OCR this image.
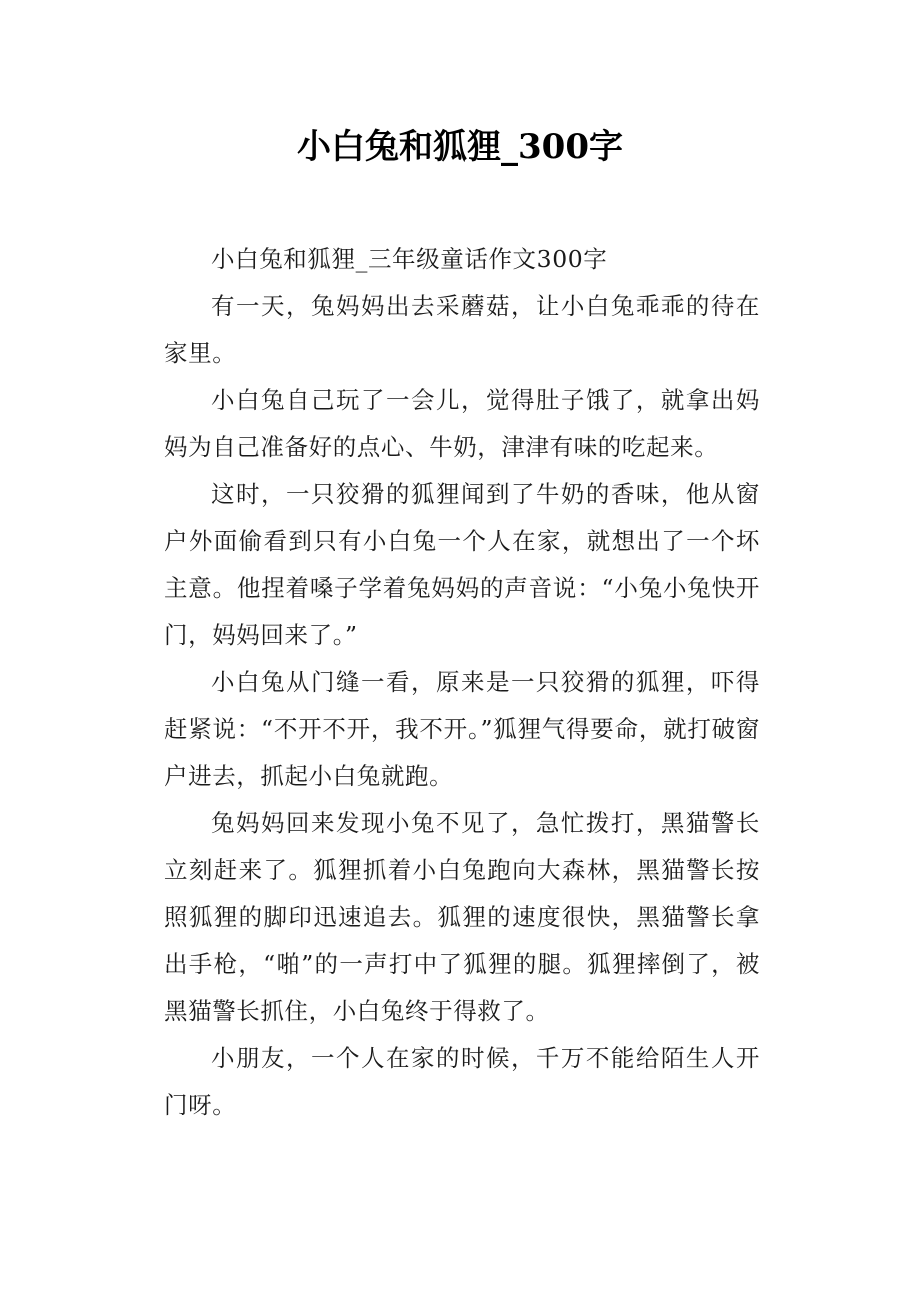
小白兔和狐狸_300字

小白兔和狐狸_三年级童话作文300字

有一天，兔妈妈出去采蘑菇，让小白兔乖乖的待在家里。

小白兔自己玩了一会儿，觉得肚子饿了，就拿出妈妈为自己准备好的点心、牛奶，津津有味的吃起来。

这时，一只狡猾的狐狸闻到了牛奶的香味，他从窗户外面偷看到只有小白兔一个人在家，就想出了一个坏主意。他捏着嗓子学着兔妈妈的声音说：“小兔小兔快开门，妈妈回来了。”

小白兔从门缝一看，原来是一只狡猾的狐狸，吓得赶紧说：“不开不开，我不开。”狐狸气得要命，就打破窗户进去，抓起小白兔就跑。

兔妈妈回来发现小兔不见了，急忙拨打，黑猫警长立刻赶来了。狐狸抓着小白兔跑向大森林，黑猫警长按照狐狸的脚印迅速追去。狐狸的速度很快，黑猫警长拿出手枪，“啪”的一声打中了狐狸的腿。狐狸摔倒了，被黑猫警长抓住，小白兔终于得救了。

小朋友，一个人在家的时候，千万不能给陌生人开门呀。
